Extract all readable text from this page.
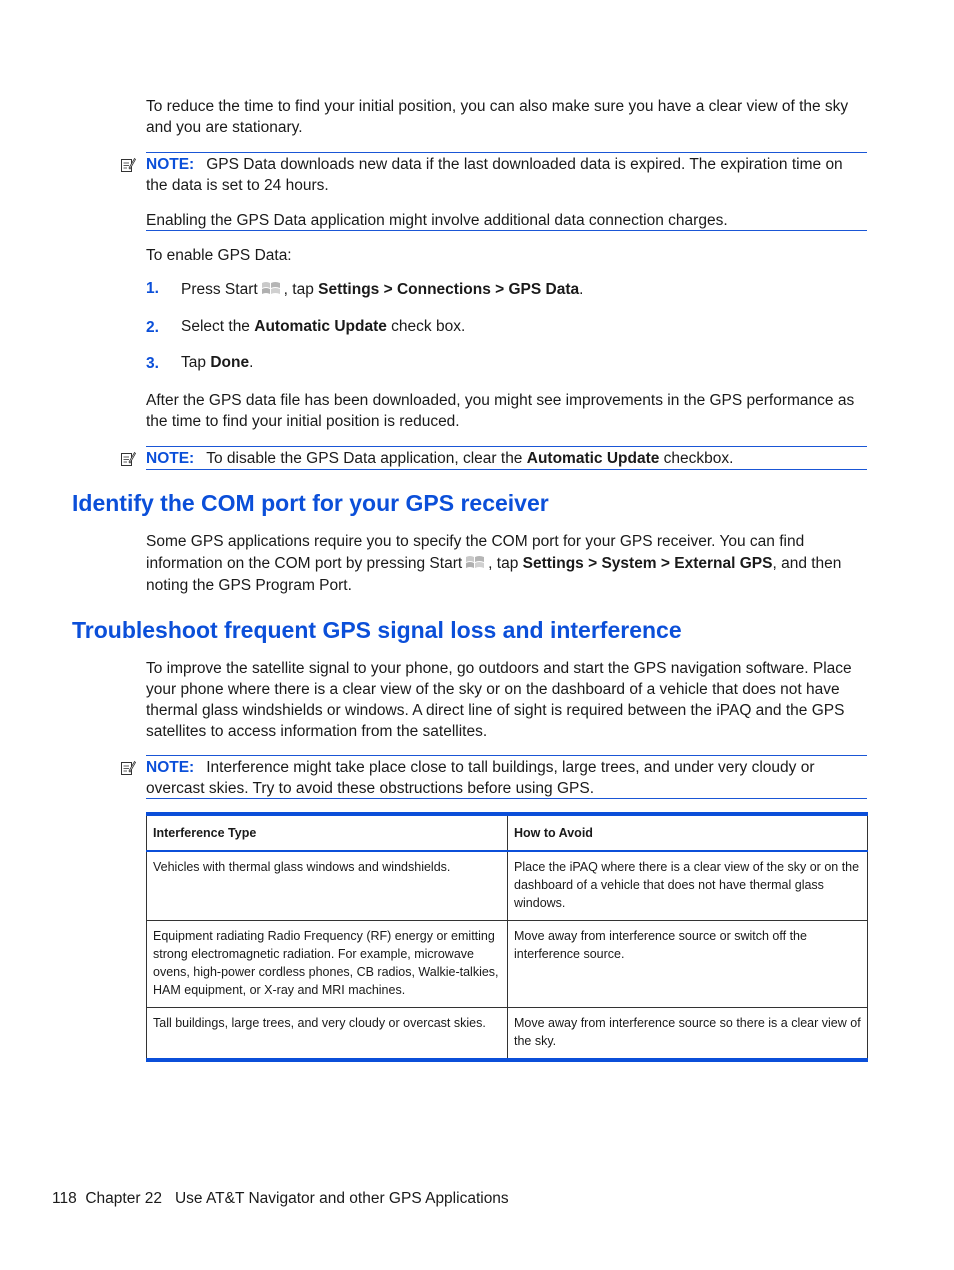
To reduce the time to find your initial position, you can also make sure you have a clear view of the sky and you are stationary.
NOTE: GPS Data downloads new data if the last downloaded data is expired. The expiration time on the data is set to 24 hours.
Enabling the GPS Data application might involve additional data connection charges.
To enable GPS Data:
1. Press Start , tap Settings > Connections > GPS Data.
2. Select the Automatic Update check box.
3. Tap Done.
After the GPS data file has been downloaded, you might see improvements in the GPS performance as the time to find your initial position is reduced.
NOTE: To disable the GPS Data application, clear the Automatic Update checkbox.
Identify the COM port for your GPS receiver
Some GPS applications require you to specify the COM port for your GPS receiver. You can find information on the COM port by pressing Start , tap Settings > System > External GPS, and then noting the GPS Program Port.
Troubleshoot frequent GPS signal loss and interference
To improve the satellite signal to your phone, go outdoors and start the GPS navigation software. Place your phone where there is a clear view of the sky or on the dashboard of a vehicle that does not have thermal glass windshields or windows. A direct line of sight is required between the iPAQ and the GPS satellites to access information from the satellites.
NOTE: Interference might take place close to tall buildings, large trees, and under very cloudy or overcast skies. Try to avoid these obstructions before using GPS.
Interference Type	How to Avoid
Vehicles with thermal glass windows and windshields.	Place the iPAQ where there is a clear view of the sky or on the dashboard of a vehicle that does not have thermal glass windows.
Equipment radiating Radio Frequency (RF) energy or emitting strong electromagnetic radiation. For example, microwave ovens, high-power cordless phones, CB radios, Walkie-talkies, HAM equipment, or X-ray and MRI machines.	Move away from interference source or switch off the interference source.
Tall buildings, large trees, and very cloudy or overcast skies.	Move away from interference source so there is a clear view of the sky.
118 Chapter 22 Use AT&T Navigator and other GPS Applications
